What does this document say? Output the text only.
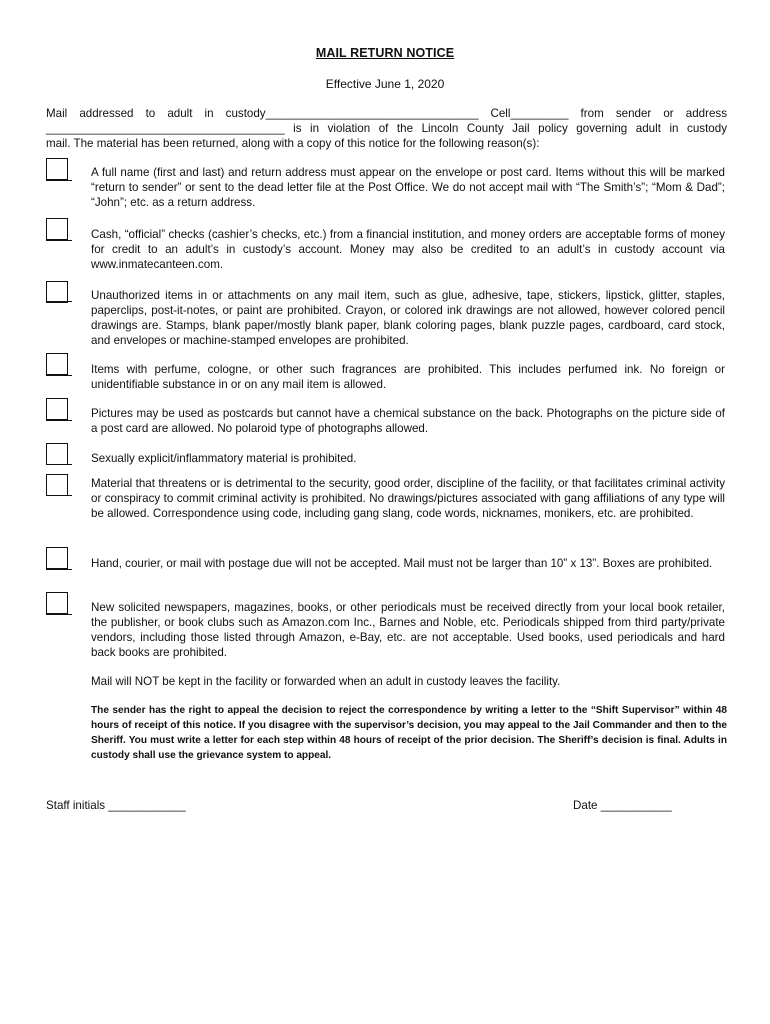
MAIL RETURN NOTICE
Effective June 1, 2020
Mail addressed to adult in custody_________________________________ Cell_________ from sender or address
_____________________________________ is in violation of the Lincoln County Jail policy governing adult in custody
mail. The material has been returned, along with a copy of this notice for the following reason(s):
A full name (first and last) and return address must appear on the envelope or post card. Items without this will be marked “return to sender” or sent to the dead letter file at the Post Office. We do not accept mail with “The Smith’s”; “Mom & Dad”; “John”; etc. as a return address.
Cash, “official” checks (cashier’s checks, etc.) from a financial institution, and money orders are acceptable forms of money for credit to an adult’s in custody’s account. Money may also be credited to an adult’s in custody account via www.inmatecanteen.com.
Unauthorized items in or attachments on any mail item, such as glue, adhesive, tape, stickers, lipstick, glitter, staples, paperclips, post-it-notes, or paint are prohibited. Crayon, or colored ink drawings are not allowed, however colored pencil drawings are. Stamps, blank paper/mostly blank paper, blank coloring pages, blank puzzle pages, cardboard, card stock, and envelopes or machine-stamped envelopes are prohibited.
Items with perfume, cologne, or other such fragrances are prohibited. This includes perfumed ink. No foreign or unidentifiable substance in or on any mail item is allowed.
Pictures may be used as postcards but cannot have a chemical substance on the back. Photographs on the picture side of a post card are allowed. No polaroid type of photographs allowed.
Sexually explicit/inflammatory material is prohibited.
Material that threatens or is detrimental to the security, good order, discipline of the facility, or that facilitates criminal activity or conspiracy to commit criminal activity is prohibited. No drawings/pictures associated with gang affiliations of any type will be allowed. Correspondence using code, including gang slang, code words, nicknames, monikers, etc. are prohibited.
Hand, courier, or mail with postage due will not be accepted. Mail must not be larger than 10” x 13”. Boxes are prohibited.
New solicited newspapers, magazines, books, or other periodicals must be received directly from your local book retailer, the publisher, or book clubs such as Amazon.com Inc., Barnes and Noble, etc. Periodicals shipped from third party/private vendors, including those listed through Amazon, e-Bay, etc. are not acceptable. Used books, used periodicals and hard back books are prohibited.
Mail will NOT be kept in the facility or forwarded when an adult in custody leaves the facility.
The sender has the right to appeal the decision to reject the correspondence by writing a letter to the “Shift Supervisor” within 48 hours of receipt of this notice. If you disagree with the supervisor’s decision, you may appeal to the Jail Commander and then to the Sheriff. You must write a letter for each step within 48 hours of receipt of the prior decision. The Sheriff’s decision is final. Adults in custody shall use the grievance system to appeal.
Staff initials ____________	Date ___________
